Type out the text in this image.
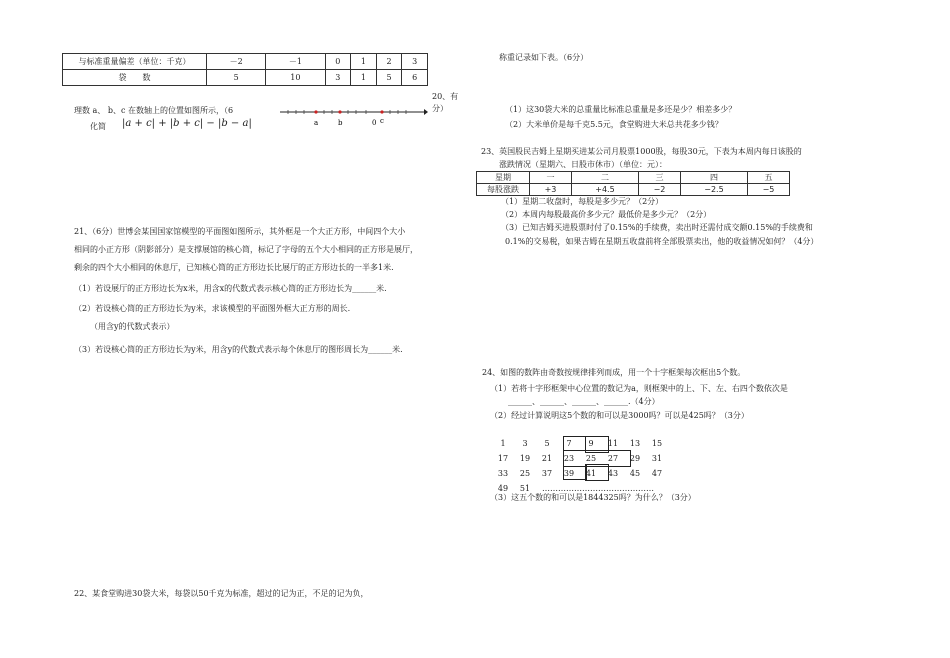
与标准重量偏差（单位：千克）	－2	－1	0	1	2	3
袋　　数	5	10	3	1	5	6
20、有
分）
理数 a、 b、c 在数轴上的位置如图所示，（6
化简 |a + c| + |b + c| − |b − a|	a	b	0 c
21、（6分）世博会某国国家馆模型的平面图如图所示，其外框是一个大正方形，中间四个大小
相同的小正方形（阴影部分）是支撑展馆的核心筒，标记了字母的五个大小相同的正方形是展厅，
剩余的四个大小相同的休息厅，已知核心筒的正方形边长比展厅的正方形边长的一半多1米.
（1）若设展厅的正方形边长为x米，用含x的代数式表示核心筒的正方形边长为______米.
（2）若设核心筒的正方形边长为y米，求该模型的平面图外框大正方形的周长.
（用含y的代数式表示）
（3）若设核心筒的正方形边长为y米，用含y的代数式表示每个休息厅的图形周长为______米.
22、某食堂购进30袋大米，每袋以50千克为标准，超过的记为正，不足的记为负，
称重记录如下表。（6分）
（1）这30袋大米的总重量比标准总重量是多还是少？相差多少？
（2）大米单价是每千克5.5元，食堂购进大米总共花多少钱？
23、英国股民吉姆上星期买进某公司月股票1000股，每股30元，下表为本周内每日该股的
涨跌情况（星期六、日股市休市）（单位：元）：
星期	一	二	三	四	五
每股涨跌	+3	+4.5	−2	−2.5	−5
（1）星期二收盘时，每股是多少元？（2分）
（2）本周内每股最高价多少元？最低价是多少元？（2分）
（3）已知吉姆买进股票时付了0.15%的手续费，卖出时还需付成交额0.15%的手续费和
0.1%的交易税，如果吉姆在星期五收盘前将全部股票卖出，他的收益情况如何？（4分）
24、如图的数阵由奇数按规律排列而成，用一个十字框架每次框出5个数。
（1）若将十字形框架中心位置的数记为a，则框架中的上、下、左、右四个数依次是
______、______、______、______.（4分）
（2）经过计算说明这5个数的和可以是3000吗？可以是425吗？（3分）
1 3 5 7 9 11 13 15
17 19 21 23 25 27 29 31
33 25 37 39 41 43 45 47
49 51 ……………………………………
（3）这五个数的和可以是1844325吗？为什么？（3分）
